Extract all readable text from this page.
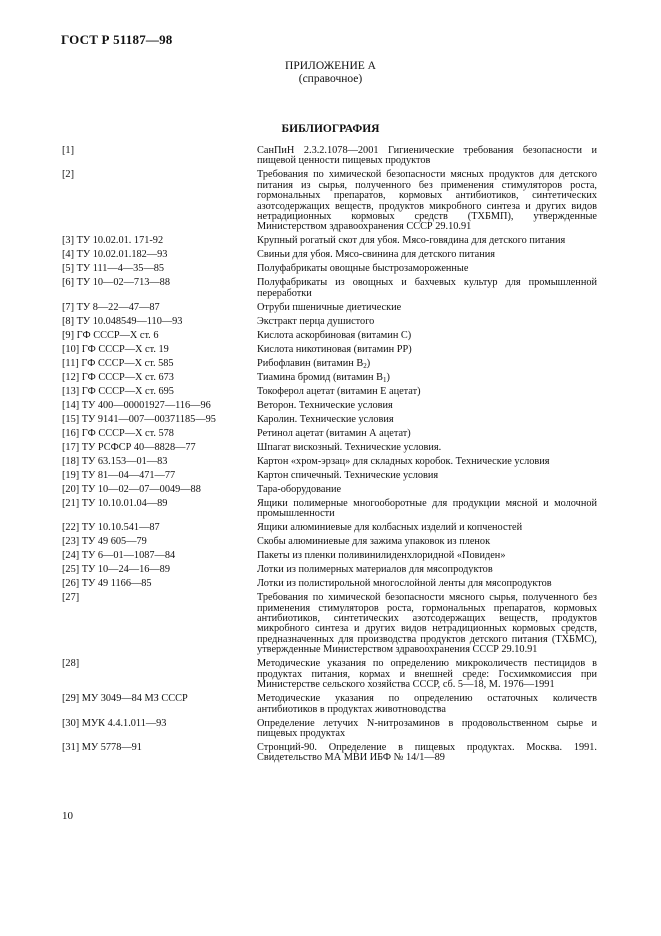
ГОСТ Р 51187—98
ПРИЛОЖЕНИЕ А
(справочное)
БИБЛИОГРАФИЯ
[1]	СанПиН 2.3.2.1078—2001 Гигиенические требования безопасности и пищевой ценности пищевых продуктов
[2]	Требования по химической безопасности мясных продуктов для детского питания из сырья, полученного без применения стимуляторов роста, гормональных препаратов, кормовых антибиотиков, синтетических азотсодержащих веществ, продуктов микробного синтеза и других видов нетрадиционных кормовых средств (ТХБМП), утвержденные Министерством здравоохранения СССР 29.10.91
[3] ТУ 10.02.01. 171-92	Крупный рогатый скот для убоя. Мясо-говядина для детского питания
[4] ТУ 10.02.01.182—93	Свиньи для убоя. Мясо-свинина для детского питания
[5] ТУ 111—4—35—85	Полуфабрикаты овощные быстрозамороженные
[6] ТУ 10—02—713—88	Полуфабрикаты из овощных и бахчевых культур для промышленной переработки
[7] ТУ 8—22—47—87	Отруби пшеничные диетические
[8] ТУ 10.048549—110—93	Экстракт перца душистого
[9] ГФ СССР—X ст. 6	Кислота аскорбиновая (витамин С)
[10] ГФ СССР—X ст. 19	Кислота никотиновая (витамин РР)
[11] ГФ СССР—X ст. 585	Рибофлавин (витамин $В_2$)
[12] ГФ СССР—X ст. 673	Тиамина бромид (витамин $В_1$)
[13] ГФ СССР—X ст. 695	Токоферол ацетат (витамин Е ацетат)
[14] ТУ 400—00001927—116—96	Веторон. Технические условия
[15] ТУ 9141—007—00371185—95	Каролин. Технические условия
[16] ГФ СССР—X ст. 578	Ретинол ацетат (витамин А ацетат)
[17] ТУ РСФСР 40—8828—77	Шпагат вискозный. Технические условия.
[18] ТУ 63.153—01—83	Картон «хром-эрзац» для складных коробок. Технические условия
[19] ТУ 81—04—471—77	Картон спичечный. Технические условия
[20] ТУ 10—02—07—0049—88	Тара-оборудование
[21] ТУ 10.10.01.04—89	Ящики полимерные многооборотные для продукции мясной и молочной промышленности
[22] ТУ 10.10.541—87	Ящики алюминиевые для колбасных изделий и копченостей
[23] ТУ 49 605—79	Скобы алюминиевые для зажима упаковок из пленок
[24] ТУ 6—01—1087—84	Пакеты из пленки поливинилиденхлоридной «Повиден»
[25] ТУ 10—24—16—89	Лотки из полимерных материалов для мясопродуктов
[26] ТУ 49 1166—85	Лотки из полистирольной многослойной ленты для мясопродуктов
[27]	Требования по химической безопасности мясного сырья, полученного без применения стимуляторов роста, гормональных препаратов, кормовых антибиотиков, синтетических азотсодержащих веществ, продуктов микробного синтеза и других видов нетрадиционных кормовых средств, предназначенных для производства продуктов детского питания (ТХБМС), утвержденные Министерством здравоохранения СССР 29.10.91
[28]	Методические указания по определению микроколичеств пестицидов в продуктах питания, кормах и внешней среде: Госхимкомиссия при Министерстве сельского хозяйства СССР, сб. 5—18, М. 1976—1991
[29] МУ 3049—84 МЗ СССР	Методические указания по определению остаточных количеств антибиотиков в продуктах животноводства
[30] МУК 4.4.1.011—93	Определение летучих N-нитрозаминов в продовольственном сырье и пищевых продуктах
[31] МУ 5778—91	Стронций-90. Определение в пищевых продуктах. Москва. 1991. Свидетельство МА МВИ ИБФ № 14/1—89
10
